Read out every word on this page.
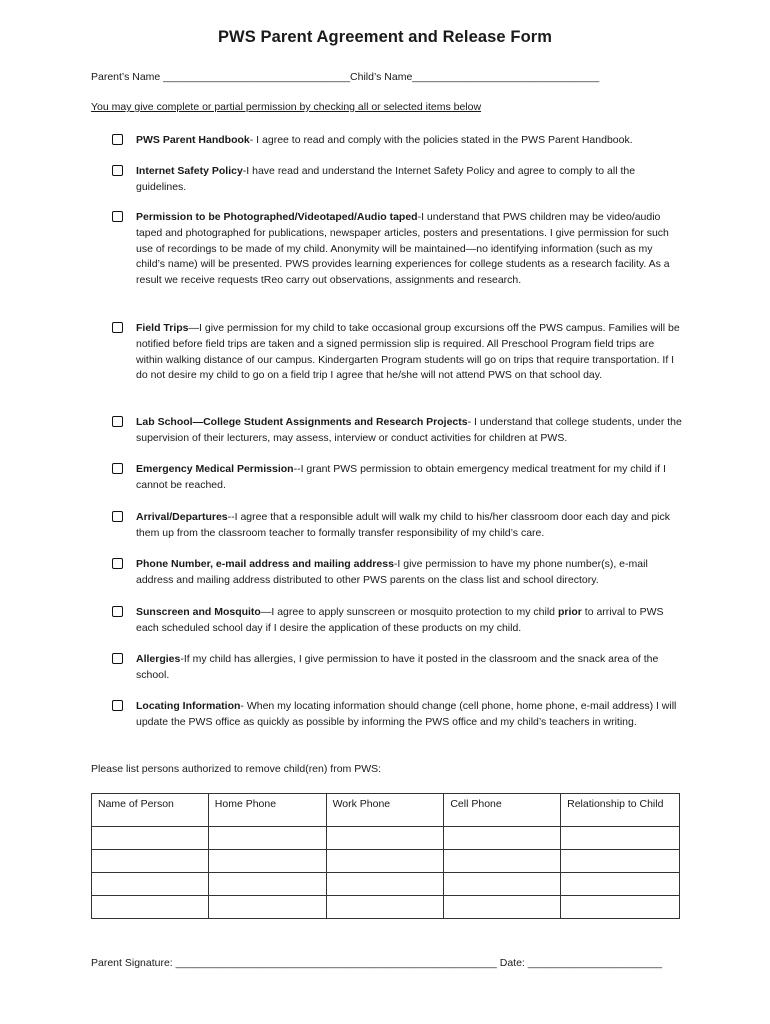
PWS Parent Agreement and Release Form
Parent’s Name ________________________________Child’s Name________________________________
You may give complete or partial permission by checking all or selected items below
PWS Parent Handbook- I agree to read and comply with the policies stated in the PWS Parent Handbook.
Internet Safety Policy-I have read and understand the Internet Safety Policy and agree to comply to all the guidelines.
Permission to be Photographed/Videotaped/Audio taped-I understand that PWS children may be video/audio taped and photographed for publications, newspaper articles, posters and presentations. I give permission for such use of recordings to be made of my child. Anonymity will be maintained—no identifying information (such as my child’s name) will be presented. PWS provides learning experiences for college students as a research facility. As a result we receive requests tReo carry out observations, assignments and research.
Field Trips—I give permission for my child to take occasional group excursions off the PWS campus. Families will be notified before field trips are taken and a signed permission slip is required. All Preschool Program field trips are within walking distance of our campus. Kindergarten Program students will go on trips that require transportation. If I do not desire my child to go on a field trip I agree that he/she will not attend PWS on that school day.
Lab School—College Student Assignments and Research Projects- I understand that college students, under the supervision of their lecturers, may assess, interview or conduct activities for children at PWS.
Emergency Medical Permission--I grant PWS permission to obtain emergency medical treatment for my child if I cannot be reached.
Arrival/Departures--I agree that a responsible adult will walk my child to his/her classroom door each day and pick them up from the classroom teacher to formally transfer responsibility of my child’s care.
Phone Number, e-mail address and mailing address-I give permission to have my phone number(s), e-mail address and mailing address distributed to other PWS parents on the class list and school directory.
Sunscreen and Mosquito—I agree to apply sunscreen or mosquito protection to my child prior to arrival to PWS each scheduled school day if I desire the application of these products on my child.
Allergies-If my child has allergies, I give permission to have it posted in the classroom and the snack area of the school.
Locating Information- When my locating information should change (cell phone, home phone, e-mail address) I will update the PWS office as quickly as possible by informing the PWS office and my child’s teachers in writing.
Please list persons authorized to remove child(ren) from PWS:
Name of Person	Home Phone	Work Phone	Cell Phone	Relationship to Child

Parent Signature: _______________________________________________________ Date: _______________________
